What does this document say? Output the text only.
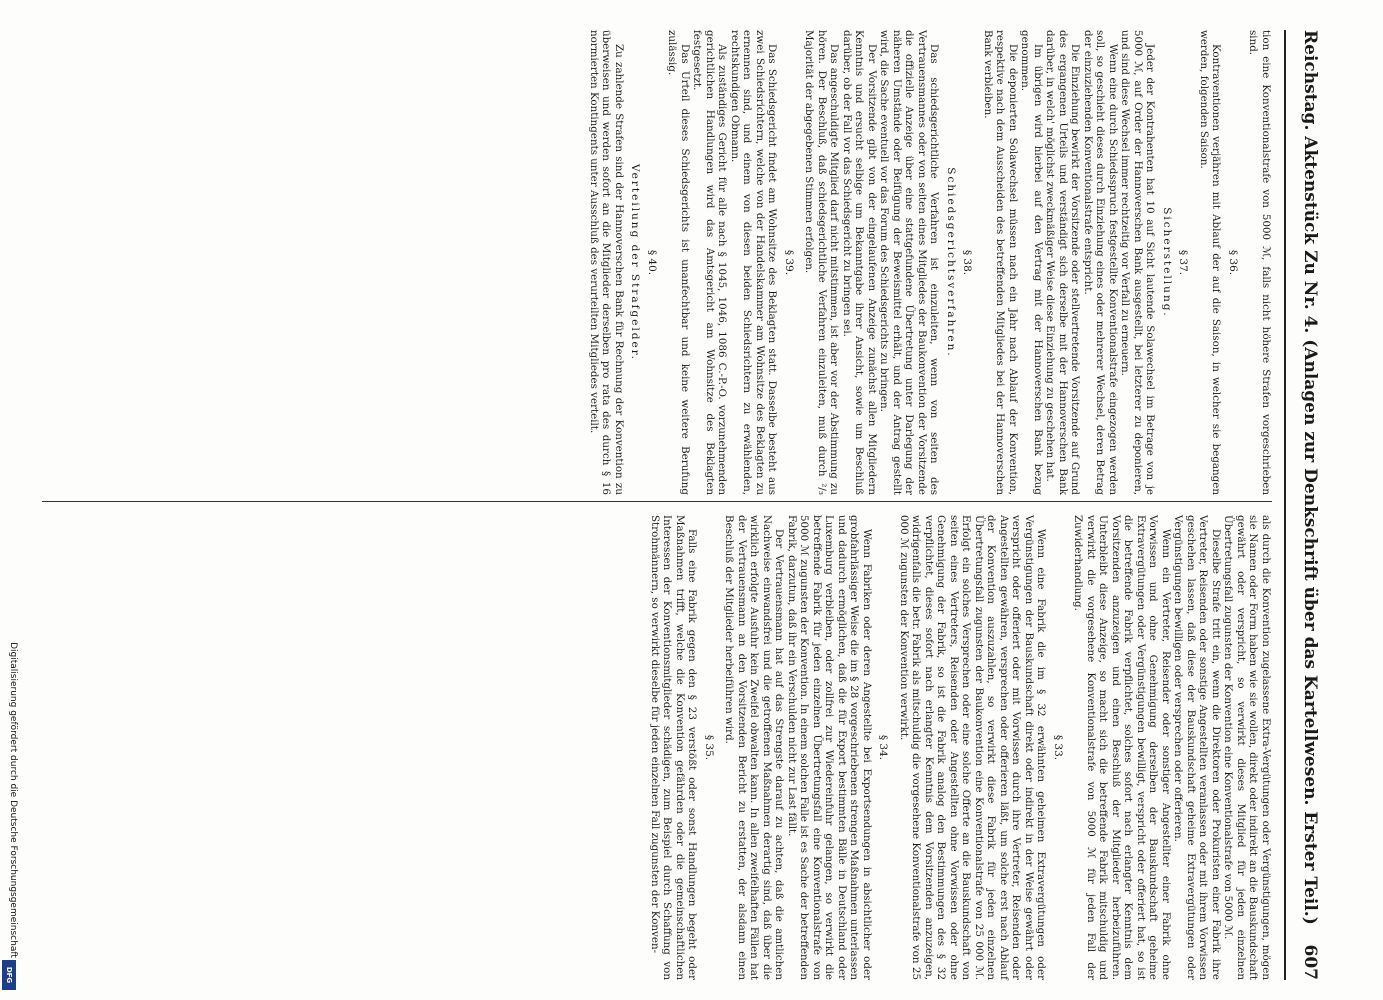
Digitalisierung gefördert durch die Deutsche Forschungsgemeinschaft
DFG
Reichstag. Aktenstück Zu Nr. 4. (Anlagen zur Denkschrift über das Kartellwesen. Erster Teil.)
607

tion eine Konventionalstrafe von 5000 ℳ, falls nicht höhere Strafen vorgeschrieben sind.

§ 36.

Kontraventionen verjähren mit Ablauf der auf die Saison, in welcher sie begangen werden, folgenden Saison.

§ 37.
Sicherstellung.

Jeder der Kontrahenten hat 10 auf Sicht lautende Solawechsel im Betrage von je 5000 ℳ, auf Order der Hannoverschen Bank ausgestellt, bei letzterer zu deponieren, und sind diese Wechsel immer rechtzeitig vor Verfall zu erneuern.

Wenn eine durch Schiedsspruch festgestellte Konventionalstrafe eingezogen werden soll, so geschieht dieses durch Einziehung eines oder mehrerer Wechsel, deren Betrag der einzuziehenden Konventionalstrafe entspricht.

Die Einziehung bewirkt der Vorsitzende oder stellvertretende Vorsitzende auf Grund des ergangenen Urteils und verständigt sich derselbe mit der Hannoverschen Bank darüber, in welch' möglichst zweckmäßiger Weise diese Einziehung zu geschehen hat.

Im übrigen wird hierbei auf den Vertrag mit der Hannoverschen Bank bezug genommen.

Die deponierten Solawechsel müssen nach ein Jahr nach Ablauf der Konvention, respektive nach dem Ausscheiden des betreffenden Mitgliedes bei der Hannoverschen Bank verbleiben.

§ 38.
Schiedsgerichtsverfahren.

Das schiedsgerichtliche Verfahren ist einzuleiten, wenn von seiten des Vertrauensmannes oder von seiten eines Mitgliedes der Baukonvention der Vorsitzende die offizielle Anzeige über eine stattgefundene Übertretung unter Darlegung der näheren Umstände oder Beifügung der Beweismittel erhält, und der Antrag gestellt wird, die Sache eventuell vor das Forum des Schiedsgerichts zu bringen.

Der Vorsitzende gibt von der eingelaufenen Anzeige zunächst allen Mitgliedern Kenntnis und ersucht selbige um Bekanntgabe ihrer Ansicht, sowie um Beschluß darüber, ob der Fall vor das Schiedsgericht zu bringen sei.

Das angeschuldigte Mitglied darf nicht mitstimmen, ist aber vor der Abstimmung zu hören. Der Beschluß, daß schiedsgerichtliche Verfahren einzuleiten, muß durch ²/₃ Majorität der abgegebenen Stimmen erfolgen.

§ 39.

Das Schiedsgericht findet am Wohnsitze des Beklagten statt. Dasselbe besteht aus zwei Schiedsrichtern, welche von der Handelskammer am Wohnsitze des Beklagten zu ernennen sind, und einem von diesen beiden Schiedsrichtern zu erwählenden, rechtskundigen Obmann.

Als zuständiges Gericht für alle nach § 1045, 1046, 1086 C.-P.-O. vorzunehmenden gerichtlichen Handlungen wird das Amtsgericht am Wohnsitze des Beklagten festgesetzt.

Das Urteil dieses Schiedsgerichts ist unanfechtbar und keine weitere Berufung zulässig.

§ 40.
Verteilung der Strafgelder.

Zu zahlende Strafen sind der Hannoverschen Bank für Rechnung der Konvention zu überweisen und werden sofort an die Mitglieder derselben pro rata des durch § 16 normierten Kontingents unter Ausschluß des verurteilten Mitgliedes verteilt.

als durch die Konvention zugelassene Extra-Vergütungen oder Vergünstigungen, mögen sie Namen oder Form haben wie sie wollen, direkt oder indirekt an die Bauskundschaft gewährt oder verspricht, so verwirkt dieses Mitglied für jeden einzelnen Übertretungsfall zugunsten der Konvention eine Konventionalstrafe von 5000 ℳ.

Dieselbe Strafe tritt ein, wenn die Direktoren oder Prokuristen einer Fabrik ihre Vertreter, Reisenden oder sonstige Angestellten veranlassen oder mit ihrem Vorwissen geschehen lassen, daß diese der Bauskundschaft geheime Extravergütungen oder Vergünstigungen bewilligen oder versprechen oder offerieren.

Wenn ein Vertreter, Reisender oder sonstiger Angestellter einer Fabrik ohne Vorwissen und ohne Genehmigung derselben der Bauskundschaft geheime Extravergütungen oder Vergünstigungen bewilligt, verspricht oder offeriert hat, so ist die betreffende Fabrik verpflichtet, solches sofort nach erlangter Kenntnis dem Vorsitzenden anzuzeigen und einen Beschluß der Mitglieder herbeizuführen. Unterbleibt diese Anzeige, so macht sich die betreffende Fabrik mitschuldig und verwirkt die vorgesehene Konventionalstrafe von 5000 ℳ für jeden Fall der Zuwiderhandlung.

§ 33.

Wenn eine Fabrik die im § 32 erwähnten geheimen Extravergütungen oder Vergünstigungen der Bauskundschaft direkt oder indirekt in der Weise gewährt oder verspricht oder offeriert oder mit Vorwissen durch ihre Vertreter, Reisenden oder Angestellten gewähren, versprechen oder offerieren läßt, um solche erst nach Ablauf der Konvention auszuzahlen, so verwirkt diese Fabrik für jeden einzelnen Übertretungsfall zugunsten der Baukonvention eine Konventionalstrafe von 25 000 ℳ. Erfolgt ein solches Versprechen oder eine solche Offerte an die Bauskundschaft von seiten eines Vertreters, Reisenden oder Angestellten ohne Vorwissen oder ohne Genehmigung der Fabrik, so ist die Fabrik analog den Bestimmungen des § 32 verpflichtet, dieses sofort nach erlangter Kenntnis dem Vorsitzenden anzuzeigen, widrigenfalls die betr. Fabrik als mitschuldig die vorgesehene Konventionalstrafe von 25 000 ℳ zugunsten der Konvention verwirkt.

§ 34.

Wenn Fabriken oder deren Angestellte bei Exportsendungen in absichtlicher oder grobfahrlässiger Weise die im § 28 vorgeschriebenen strengen Maßnahmen unterlassen und dadurch ermöglichen, daß die für Export bestimmten Bälle in Deutschland oder Luxemburg verbleiben, oder zollfrei zur Wiedereinfuhr gelangen, so verwirkt die betreffende Fabrik für jeden einzelnen Übertretungsfall eine Konventionalstrafe von 5000 ℳ zugunsten der Konvention. In einem solchen Falle ist es Sache der betreffenden Fabrik, darzutun, daß ihr ein Verschulden nicht zur Last fällt.

Der Vertrauensmann hat auf das Strengste darauf zu achten, daß die amtlichen Nachweise einwandsfrei und die getroffenen Maßnahmen derartig sind, daß über die wirklich erfolgte Ausfuhr kein Zweifel obwalten kann. In allen zweifelhaften Fällen hat der Vertrauensmann an den Vorsitzenden Bericht zu erstatten, der alsdann einen Beschluß der Mitglieder herbeiführen wird.

§ 35.

Falls eine Fabrik gegen den § 23 verstößt oder sonst Handlungen begeht oder Maßnahmen trifft, welche die Konvention gefährden oder die gemeinschaftlichen Interessen der Konventionsmitglieder schädigen, zum Beispiel durch Schaffung von Strohmännern, so verwirkt dieselbe für jeden einzelnen Fall zugunsten der Konven-
